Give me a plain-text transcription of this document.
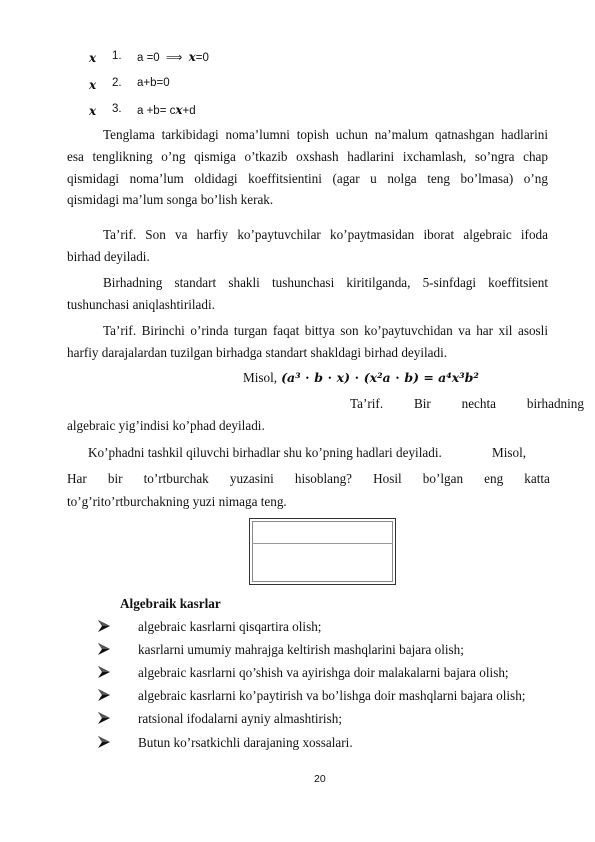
𝒙 1. a =0 ⟹ 𝒙=0
𝒙 2. a+b=0
𝒙 3. a +b= c𝒙+d
Tenglama tarkibidagi noma’lumni topish uchun na’malum qatnashgan hadlarini
esa tenglikning o’ng qismiga o’tkazib oxshash hadlarini ixchamlash, so’ngra chap
qismidagi noma’lum oldidagi koeffitsientini (agar u nolga teng bo’lmasa) o’ng
qismidagi ma’lum songa bo’lish kerak.
Ta’rif. Son va harfiy ko’paytuvchilar ko’paytmasidan iborat algebraic ifoda
birhad deyiladi.
Birhadning standart shakli tushunchasi kiritilganda, 5-sinfdagi koeffitsient
tushunchasi aniqlashtiriladi.
Ta’rif. Birinchi o’rinda turgan faqat bittya son ko’paytuvchidan va har xil asosli
harfiy darajalardan tuzilgan birhadga standart shakldagi birhad deyiladi.
Misol, (𝒂³ ⋅ 𝒃 ⋅ 𝒙) ⋅ (𝒙²𝒂 ⋅ 𝒃) = 𝒂⁴𝒙³𝒃²
Ta’rif. Bir nechta birhadning
algebraic yig’indisi ko’phad deyiladi.
Ko’phadni tashkil qiluvchi birhadlar shu ko’pning hadlari deyiladi.	Misol,
Har bir to’rtburchak yuzasini hisoblang? Hosil bo’lgan eng katta
to’g’rito’rtburchakning yuzi nimaga teng.
Algebraik kasrlar
algebraic kasrlarni qisqartira olish;
kasrlarni umumiy mahrajga keltirish mashqlarini bajara olish;
algebraic kasrlarni qo’shish va ayirishga doir malakalarni bajara olish;
algebraic kasrlarni ko’paytirish va bo’lishga doir mashqlarni bajara olish;
ratsional ifodalarni ayniy almashtirish;
Butun ko’rsatkichli darajaning xossalari.
20
